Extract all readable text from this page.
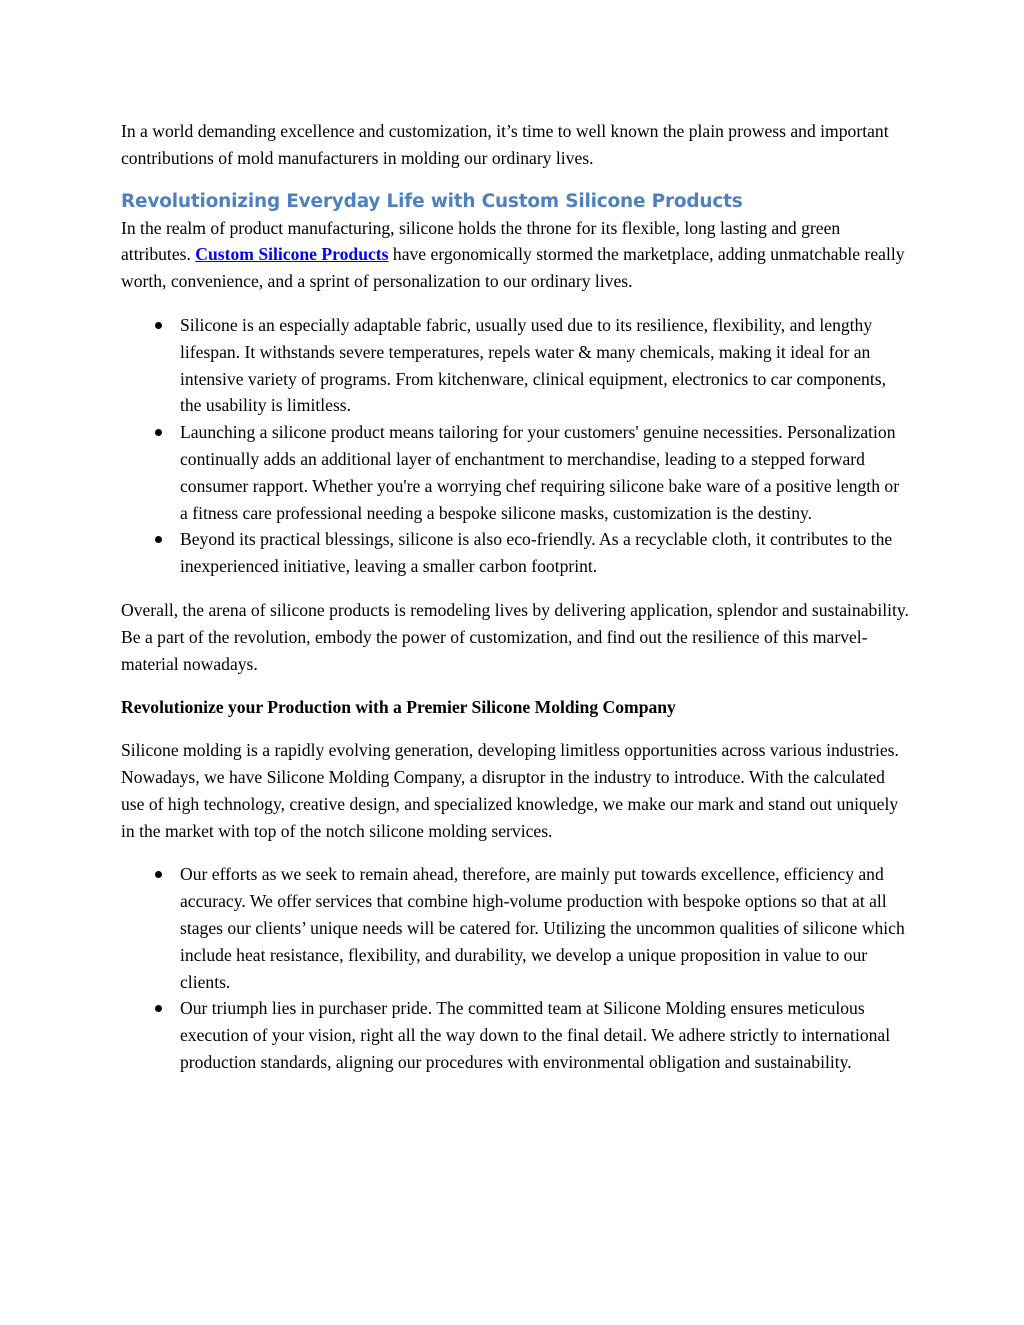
In a world demanding excellence and customization, it’s time to well known the plain prowess and important contributions of mold manufacturers in molding our ordinary lives.

Revolutionizing Everyday Life with Custom Silicone Products

In the realm of product manufacturing, silicone holds the throne for its flexible, long lasting and green attributes. Custom Silicone Products have ergonomically stormed the marketplace, adding unmatchable really worth, convenience, and a sprint of personalization to our ordinary lives.

Silicone is an especially adaptable fabric, usually used due to its resilience, flexibility, and lengthy lifespan. It withstands severe temperatures, repels water & many chemicals, making it ideal for an intensive variety of programs. From kitchenware, clinical equipment, electronics to car components, the usability is limitless.
Launching a silicone product means tailoring for your customers' genuine necessities. Personalization continually adds an additional layer of enchantment to merchandise, leading to a stepped forward consumer rapport. Whether you're a worrying chef requiring silicone bake ware of a positive length or a fitness care professional needing a bespoke silicone masks, customization is the destiny.
Beyond its practical blessings, silicone is also eco-friendly. As a recyclable cloth, it contributes to the inexperienced initiative, leaving a smaller carbon footprint.

Overall, the arena of silicone products is remodeling lives by delivering application, splendor and sustainability. Be a part of the revolution, embody the power of customization, and find out the resilience of this marvel-material nowadays.

Revolutionize your Production with a Premier Silicone Molding Company

Silicone molding is a rapidly evolving generation, developing limitless opportunities across various industries. Nowadays, we have Silicone Molding Company, a disruptor in the industry to introduce. With the calculated use of high technology, creative design, and specialized knowledge, we make our mark and stand out uniquely in the market with top of the notch silicone molding services.

Our efforts as we seek to remain ahead, therefore, are mainly put towards excellence, efficiency and accuracy. We offer services that combine high-volume production with bespoke options so that at all stages our clients’ unique needs will be catered for. Utilizing the uncommon qualities of silicone which include heat resistance, flexibility, and durability, we develop a unique proposition in value to our clients.
Our triumph lies in purchaser pride. The committed team at Silicone Molding ensures meticulous execution of your vision, right all the way down to the final detail. We adhere strictly to international production standards, aligning our procedures with environmental obligation and sustainability.
